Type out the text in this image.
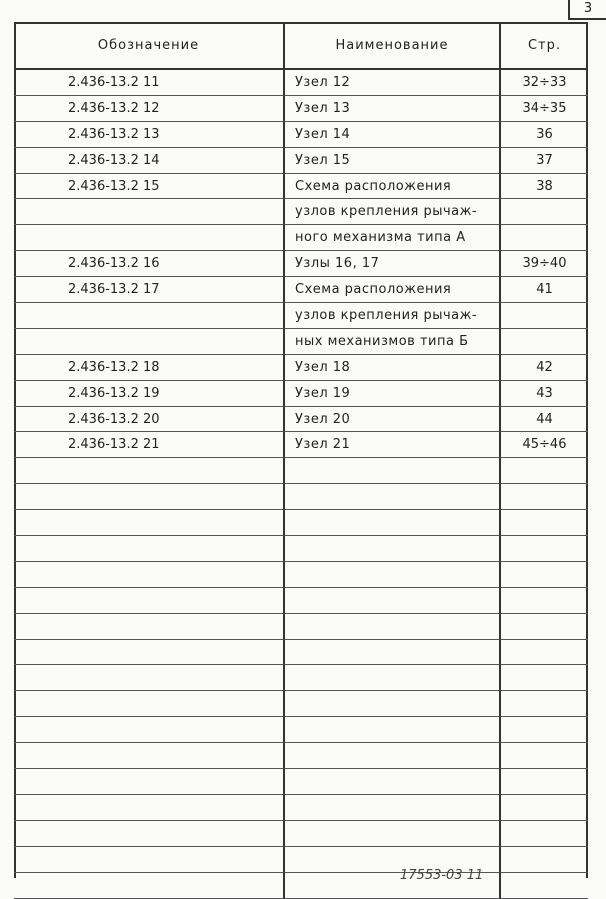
3
Обозначение	Наименование	Стр.
2.436-13.2 11	Узел 12	32÷33
2.436-13.2 12	Узел 13	34÷35
2.436-13.2 13	Узел 14	36
2.436-13.2 14	Узел 15	37
2.436-13.2 15	Схема расположения	38
узлов крепления рычаж-
ного механизма типа А
2.436-13.2 16	Узлы 16, 17	39÷40
2.436-13.2 17	Схема расположения	41
узлов крепления рычаж-
ных механизмов типа Б
2.436-13.2 18	Узел 18	42
2.436-13.2 19	Узел 19	43
2.436-13.2 20	Узел 20	44
2.436-13.2 21	Узел 21	45÷46
17553-03 11
